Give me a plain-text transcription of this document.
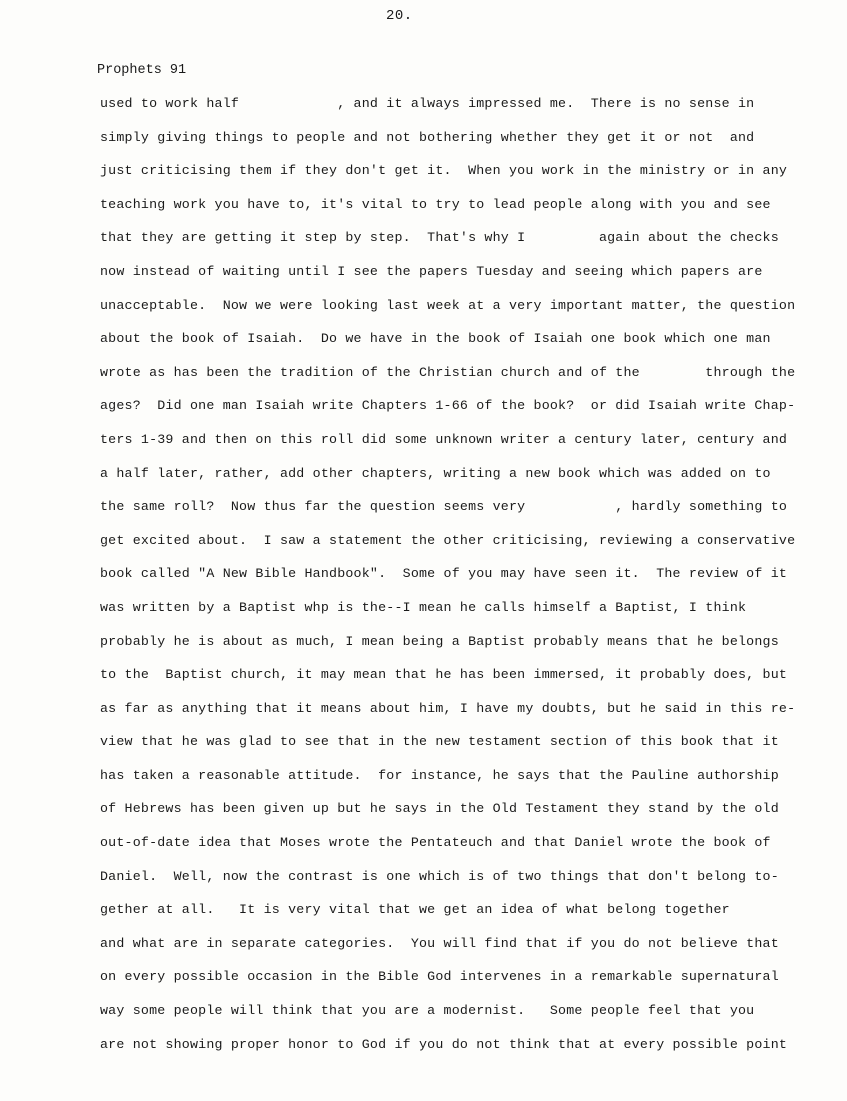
20.
Prophets 91
used to work half            , and it always impressed me.  There is no sense in
simply giving things to people and not bothering whether they get it or not  and
just criticising them if they don't get it.  When you work in the ministry or in any
teaching work you have to, it's vital to try to lead people along with you and see
that they are getting it step by step.  That's why I         again about the checks
now instead of waiting until I see the papers Tuesday and seeing which papers are
unacceptable.  Now we were looking last week at a very important matter, the question
about the book of Isaiah.  Do we have in the book of Isaiah one book which one man
wrote as has been the tradition of the Christian church and of the        through the
ages?  Did one man Isaiah write Chapters 1-66 of the book?  or did Isaiah write Chap-
ters 1-39 and then on this roll did some unknown writer a century later, century and
a half later, rather, add other chapters, writing a new book which was added on to
the same roll?  Now thus far the question seems very           , hardly something to
get excited about.  I saw a statement the other criticising, reviewing a conservative
book called "A New Bible Handbook".  Some of you may have seen it.  The review of it
was written by a Baptist whp is the--I mean he calls himself a Baptist, I think
probably he is about as much, I mean being a Baptist probably means that he belongs
to the  Baptist church, it may mean that he has been immersed, it probably does, but
as far as anything that it means about him, I have my doubts, but he said in this re-
view that he was glad to see that in the new testament section of this book that it
has taken a reasonable attitude.  for instance, he says that the Pauline authorship
of Hebrews has been given up but he says in the Old Testament they stand by the old
out-of-date idea that Moses wrote the Pentateuch and that Daniel wrote the book of
Daniel.  Well, now the contrast is one which is of two things that don't belong to-
gether at all.   It is very vital that we get an idea of what belong together
and what are in separate categories.  You will find that if you do not believe that
on every possible occasion in the Bible God intervenes in a remarkable supernatural
way some people will think that you are a modernist.   Some people feel that you
are not showing proper honor to God if you do not think that at every possible point
